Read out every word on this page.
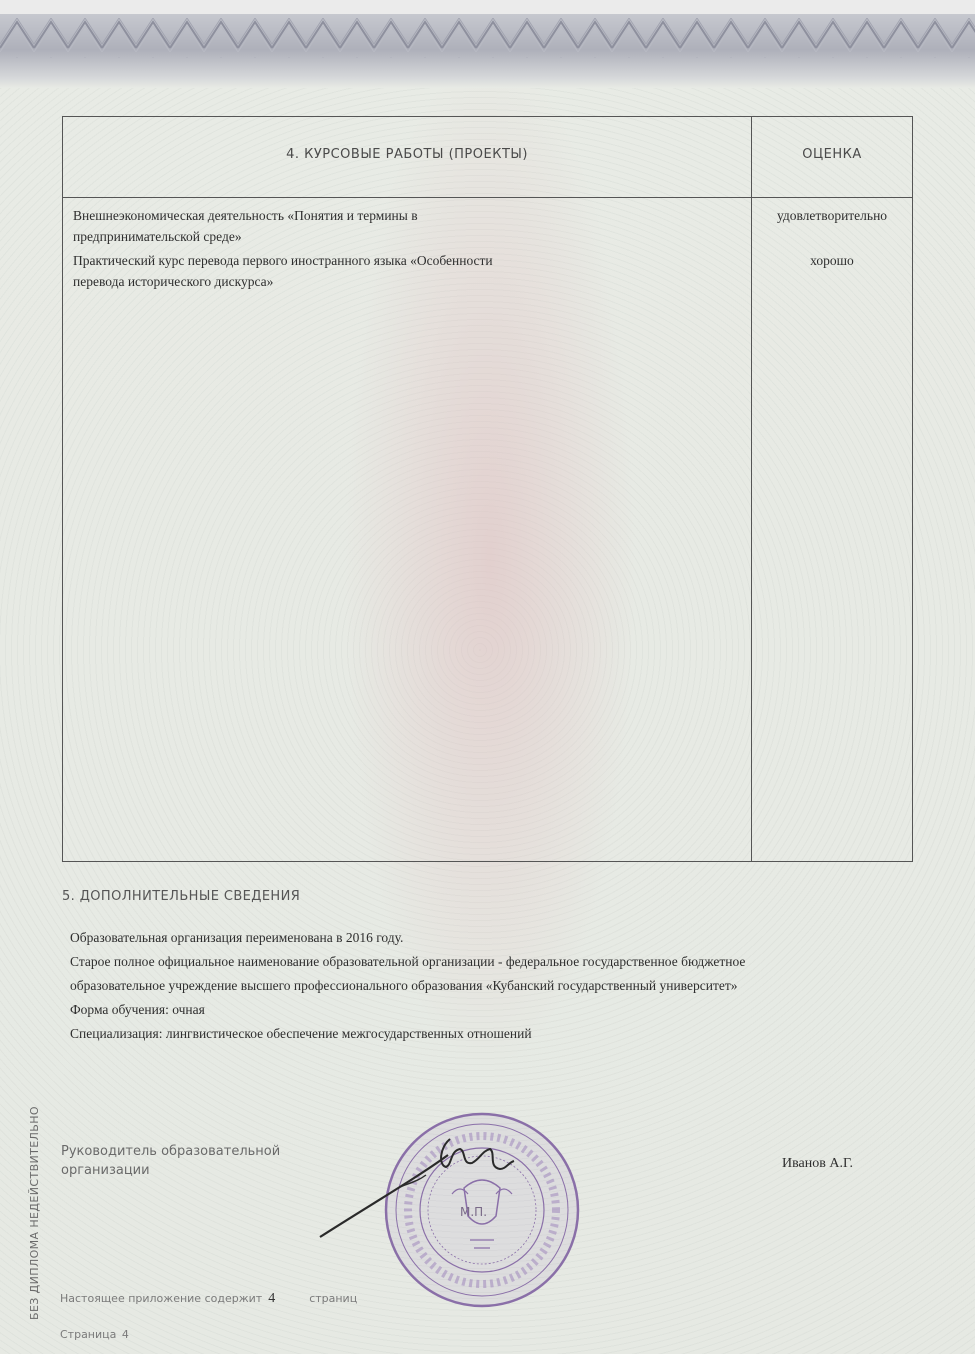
4. КУРСОВЫЕ РАБОТЫ (ПРОЕКТЫ)	ОЦЕНКА
Внешнеэкономическая деятельность «Понятия и термины в
предпринимательской среде»
удовлетворительно
Практический курс перевода первого иностранного языка «Особенности
перевода исторического дискурса»
хорошо
5. ДОПОЛНИТЕЛЬНЫЕ СВЕДЕНИЯ
Образовательная организация переименована в 2016 году.
Старое полное официальное наименование образовательной организации - федеральное государственное бюджетное
образовательное учреждение высшего профессионального образования «Кубанский государственный университет»
Форма обучения: очная
Специализация: лингвистическое обеспечение межгосударственных отношений
БЕЗ ДИПЛОМА НЕДЕЙСТВИТЕЛЬНО Руководитель образовательной
организации
М.П.
Иванов А.Г.
Настоящее приложение содержит 4	страниц
Страница 4
